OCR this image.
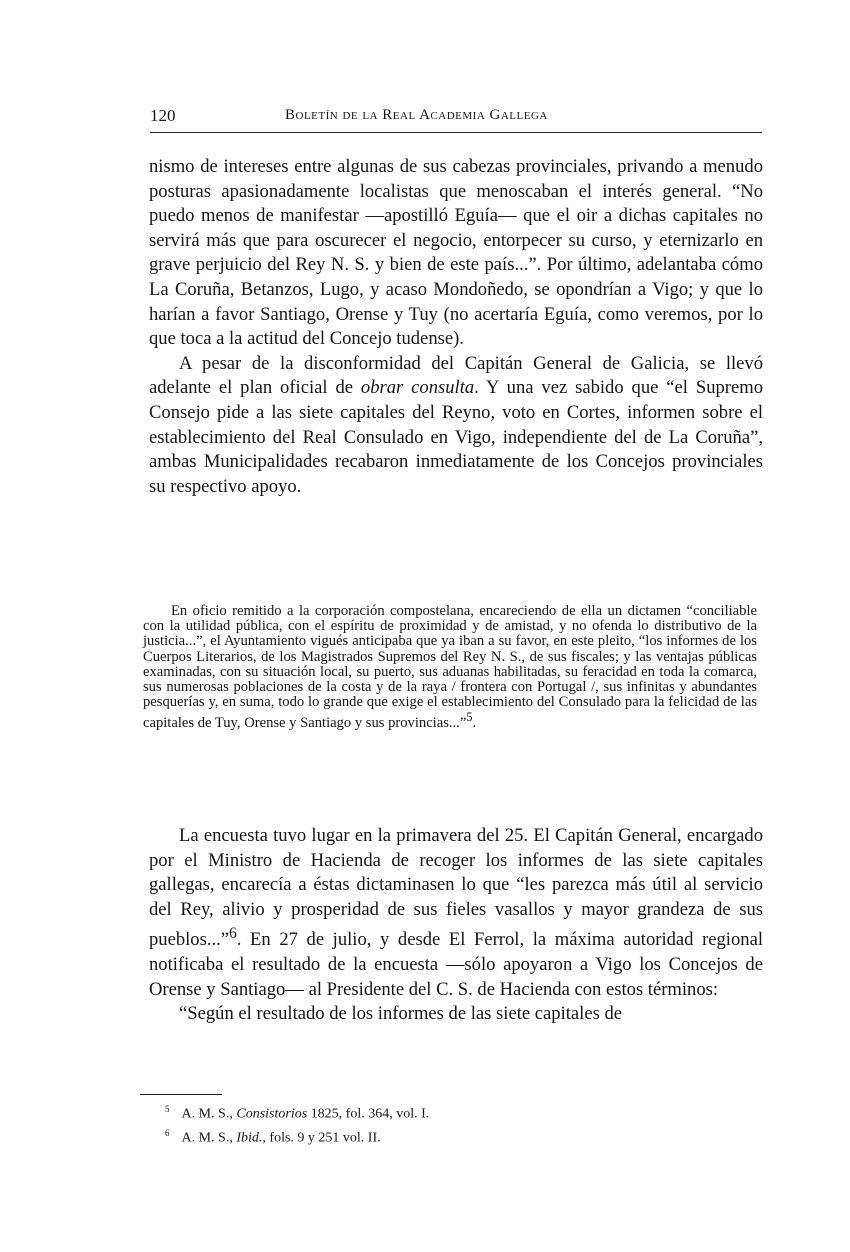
120	Boletín de la Real Academia Gallega

nismo de intereses entre algunas de sus cabezas provinciales, privando a menudo posturas apasionadamente localistas que menoscaban el interés general. “No puedo menos de manifestar —apostilló Eguía— que el oir a dichas capitales no servirá más que para oscurecer el negocio, entorpecer su curso, y eternizarlo en grave perjuicio del Rey N. S. y bien de este país...”. Por último, adelantaba cómo La Coruña, Betanzos, Lugo, y acaso Mondoñedo, se opondrían a Vigo; y que lo harían a favor Santiago, Orense y Tuy (no acertaría Eguía, como veremos, por lo que toca a la actitud del Concejo tudense).

A pesar de la disconformidad del Capitán General de Galicia, se llevó adelante el plan oficial de obrar consulta. Y una vez sabido que “el Supremo Consejo pide a las siete capitales del Reyno, voto en Cortes, informen sobre el establecimiento del Real Consulado en Vigo, independiente del de La Coruña”, ambas Municipalidades recabaron inmediatamente de los Concejos provinciales su respectivo apoyo.

En oficio remitido a la corporación compostelana, encareciendo de ella un dictamen “conciliable con la utilidad pública, con el espíritu de proximidad y de amistad, y no ofenda lo distributivo de la justicia...”, el Ayuntamiento vigués anticipaba que ya iban a su favor, en este pleito, “los informes de los Cuerpos Literarios, de los Magistrados Supremos del Rey N. S., de sus fiscales; y las ventajas públicas examinadas, con su situación local, su puerto, sus aduanas habilitadas, su feracidad en toda la comarca, sus numerosas poblaciones de la costa y de la raya / frontera con Portugal /, sus infinitas y abundantes pesquerías y, en suma, todo lo grande que exige el establecimiento del Consulado para la felicidad de las capitales de Tuy, Orense y Santiago y sus provincias...”$^5$.

La encuesta tuvo lugar en la primavera del 25. El Capitán General, encargado por el Ministro de Hacienda de recoger los informes de las siete capitales gallegas, encarecía a éstas dictaminasen lo que “les parezca más útil al servicio del Rey, alivio y prosperidad de sus fieles vasallos y mayor grandeza de sus pueblos...”$^6$. En 27 de julio, y desde El Ferrol, la máxima autoridad regional notificaba el resultado de la encuesta —sólo apoyaron a Vigo los Concejos de Orense y Santiago— al Presidente del C. S. de Hacienda con estos términos:

“Según el resultado de los informes de las siete capitales de

$^5$ A. M. S., Consistorios 1825, fol. 364, vol. I.
$^6$ A. M. S., Ibid., fols. 9 y 251 vol. II.
